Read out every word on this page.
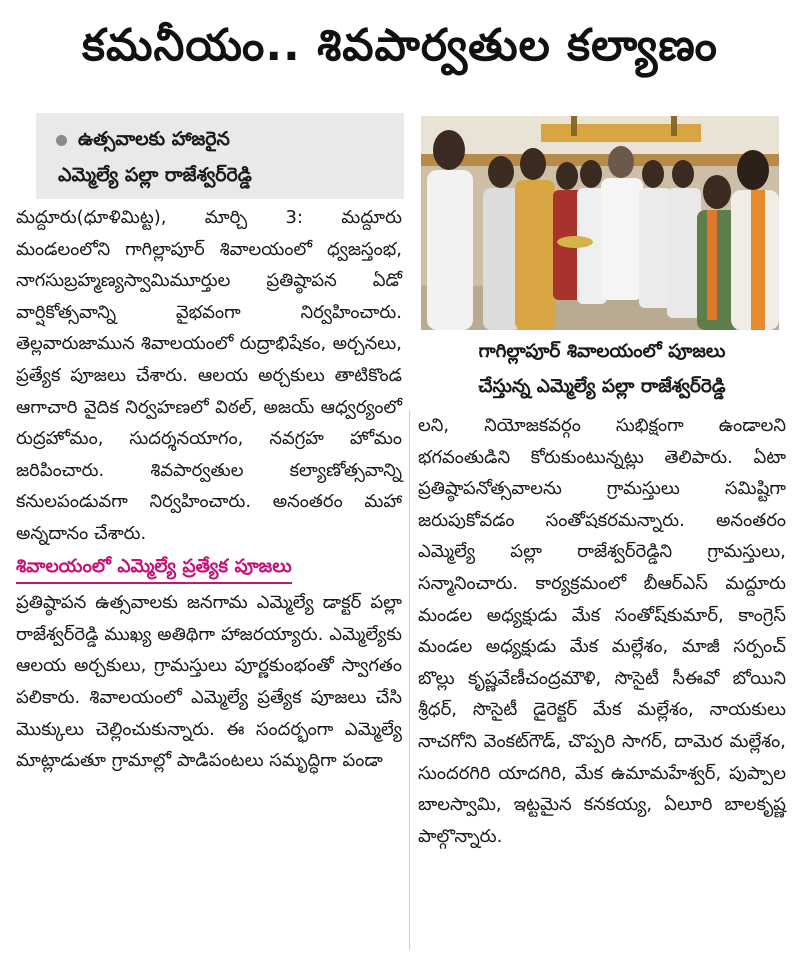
కమనీయం.. శివపార్వతుల కల్యాణం
ఉత్సవాలకు హాజరైన
ఎమ్మెల్యే పల్లా రాజేశ్వర్‌రెడ్డి
గాగిల్లాపూర్‌ శివాలయంలో పూజలు
చేస్తున్న ఎమ్మెల్యే పల్లా రాజేశ్వర్‌రెడ్డి

మద్దూరు(ధూళిమిట్ట), మార్చి 3: మద్దూరు మండలంలోని గాగిల్లాపూర్‌ శివాలయంలో ధ్వజస్తంభ, నాగసుబ్రహ్మణ్యస్వామిమూర్తుల ప్రతిష్ఠాపన ఏడో వార్షికోత్సవాన్ని వైభవంగా నిర్వహించారు. తెల్లవారుజామున శివాలయంలో రుద్రాభిషేకం, అర్చనలు, ప్రత్యేక పూజలు చేశారు. ఆలయ అర్చకులు తాటికొండ ఆగాచారి వైదిక నిర్వహణలో విఠల్‌, అజయ్‌ ఆధ్వర్యంలో రుద్రహోమం, సుదర్శనయాగం, నవగ్రహ హోమం జరిపించారు. శివపార్వతుల కల్యాణోత్సవాన్ని కనులపండువగా నిర్వహించారు. అనంతరం మహా అన్నదానం చేశారు.

శివాలయంలో ఎమ్మెల్యే ప్రత్యేక పూజలు

ప్రతిష్ఠాపన ఉత్సవాలకు జనగామ ఎమ్మెల్యే డాక్టర్‌ పల్లా రాజేశ్వర్‌రెడ్డి ముఖ్య అతిథిగా హాజరయ్యారు. ఎమ్మెల్యేకు ఆలయ అర్చకులు, గ్రామస్తులు పూర్ణకుంభంతో స్వాగతం పలికారు. శివాలయంలో ఎమ్మెల్యే ప్రత్యేక పూజలు చేసి మొక్కులు చెల్లించుకున్నారు. ఈ సందర్భంగా ఎమ్మెల్యే మాట్లాడుతూ గ్రామాల్లో పాడిపంటలు సమృద్ధిగా పండా

లని, నియోజకవర్గం సుభిక్షంగా ఉండాలని భగవంతుడిని కోరుకుంటున్నట్లు తెలిపారు. ఏటా ప్రతిష్ఠాపనోత్సవాలను గ్రామస్తులు సమిష్టిగా జరుపుకోవడం సంతోషకరమన్నారు. అనంతరం ఎమ్మెల్యే పల్లా రాజేశ్వర్‌రెడ్డిని గ్రామస్తులు, సన్మానించారు. కార్యక్రమంలో బీఆర్‌ఎస్‌ మద్దూరు మండల అధ్యక్షుడు మేక సంతోష్‌కుమార్‌, కాంగ్రెస్‌ మండల అధ్యక్షుడు మేక మల్లేశం, మాజీ సర్పంచ్‌ బొల్లు కృష్ణవేణీచంద్రమౌళి, సొసైటీ సీఈవో బోయిని శ్రీధర్‌, సొసైటీ డైరెక్టర్‌ మేక మల్లేశం, నాయకులు నాచగోని వెంకట్‌గౌడ్‌, చొప్పరి సాగర్‌, దామెర మల్లేశం, సుందరగిరి యాదగిరి, మేక ఉమామహేశ్వర్‌, పుప్పాల బాలస్వామి, ఇట్టమైన కనకయ్య, ఏలూరి బాలకృష్ణ పాల్గొన్నారు.
